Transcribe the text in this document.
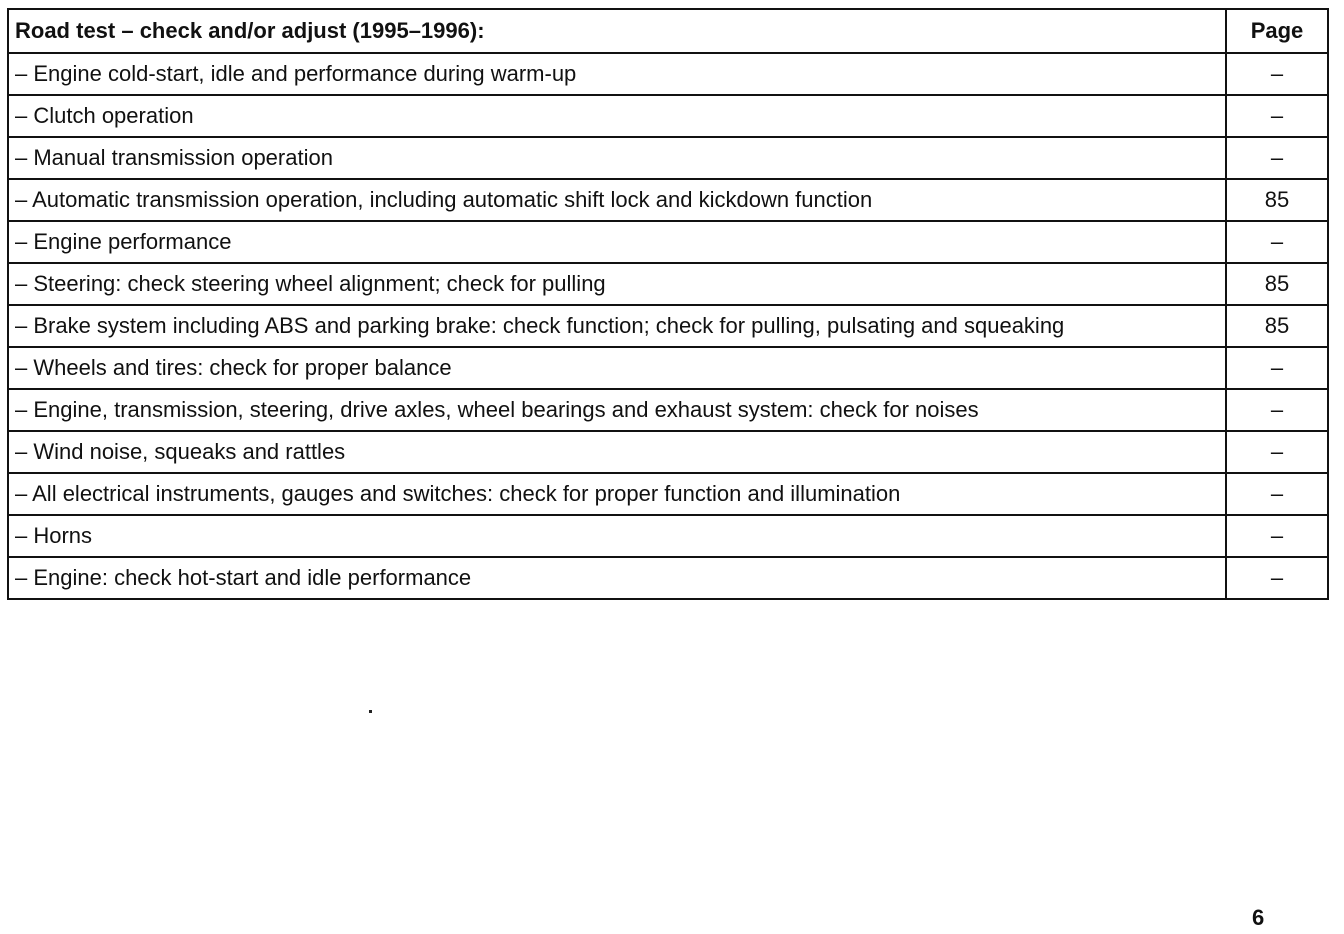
Road test – check and/or adjust (1995–1996):	Page
– Engine cold-start, idle and performance during warm-up	–
– Clutch operation	–
– Manual transmission operation	–
– Automatic transmission operation, including automatic shift lock and kickdown function	85
– Engine performance	–
– Steering: check steering wheel alignment; check for pulling	85
– Brake system including ABS and parking brake: check function; check for pulling, pulsating and squeaking	85
– Wheels and tires: check for proper balance	–
– Engine, transmission, steering, drive axles, wheel bearings and exhaust system: check for noises	–
– Wind noise, squeaks and rattles	–
– All electrical instruments, gauges and switches: check for proper function and illumination	–
– Horns	–
– Engine: check hot-start and idle performance	–
6
